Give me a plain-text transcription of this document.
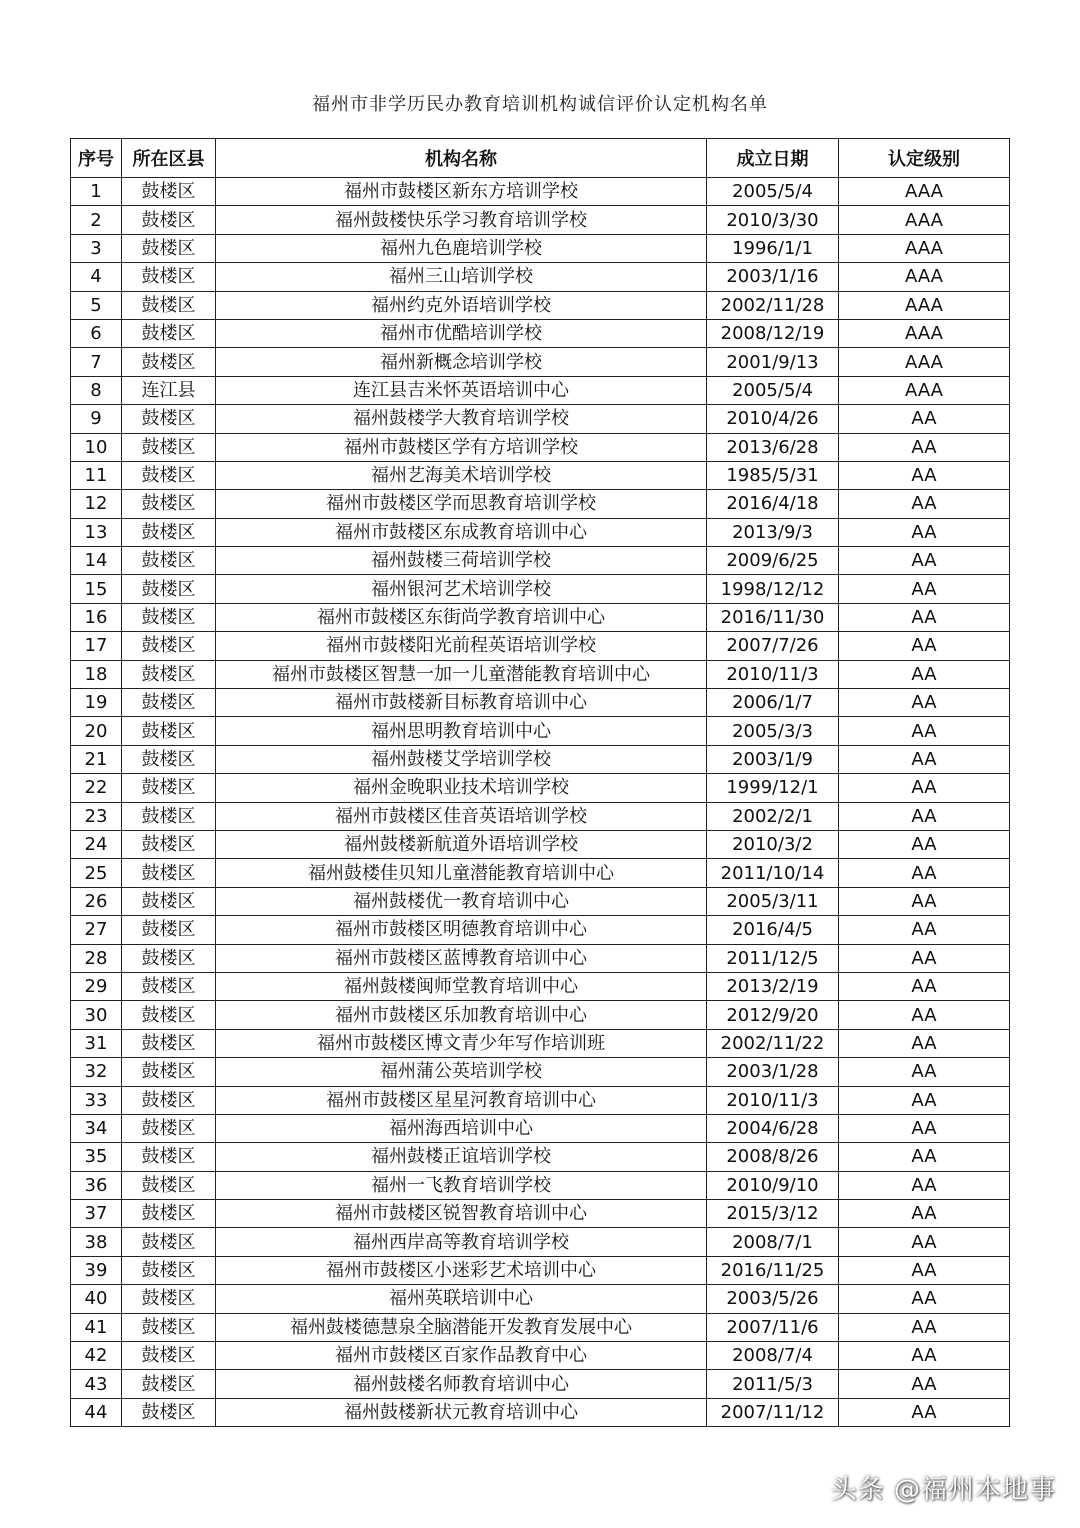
福州市非学历民办教育培训机构诚信评价认定机构名单
序号	所在区县	机构名称	成立日期	认定级别
1	鼓楼区	福州市鼓楼区新东方培训学校	2005/5/4	AAA
2	鼓楼区	福州鼓楼快乐学习教育培训学校	2010/3/30	AAA
3	鼓楼区	福州九色鹿培训学校	1996/1/1	AAA
4	鼓楼区	福州三山培训学校	2003/1/16	AAA
5	鼓楼区	福州约克外语培训学校	2002/11/28	AAA
6	鼓楼区	福州市优酷培训学校	2008/12/19	AAA
7	鼓楼区	福州新概念培训学校	2001/9/13	AAA
8	连江县	连江县吉米怀英语培训中心	2005/5/4	AAA
9	鼓楼区	福州鼓楼学大教育培训学校	2010/4/26	AA
10	鼓楼区	福州市鼓楼区学有方培训学校	2013/6/28	AA
11	鼓楼区	福州艺海美术培训学校	1985/5/31	AA
12	鼓楼区	福州市鼓楼区学而思教育培训学校	2016/4/18	AA
13	鼓楼区	福州市鼓楼区东成教育培训中心	2013/9/3	AA
14	鼓楼区	福州鼓楼三荷培训学校	2009/6/25	AA
15	鼓楼区	福州银河艺术培训学校	1998/12/12	AA
16	鼓楼区	福州市鼓楼区东街尚学教育培训中心	2016/11/30	AA
17	鼓楼区	福州市鼓楼阳光前程英语培训学校	2007/7/26	AA
18	鼓楼区	福州市鼓楼区智慧一加一儿童潜能教育培训中心	2010/11/3	AA
19	鼓楼区	福州市鼓楼新目标教育培训中心	2006/1/7	AA
20	鼓楼区	福州思明教育培训中心	2005/3/3	AA
21	鼓楼区	福州鼓楼艾学培训学校	2003/1/9	AA
22	鼓楼区	福州金晚职业技术培训学校	1999/12/1	AA
23	鼓楼区	福州市鼓楼区佳音英语培训学校	2002/2/1	AA
24	鼓楼区	福州鼓楼新航道外语培训学校	2010/3/2	AA
25	鼓楼区	福州鼓楼佳贝知儿童潜能教育培训中心	2011/10/14	AA
26	鼓楼区	福州鼓楼优一教育培训中心	2005/3/11	AA
27	鼓楼区	福州市鼓楼区明德教育培训中心	2016/4/5	AA
28	鼓楼区	福州市鼓楼区蓝博教育培训中心	2011/12/5	AA
29	鼓楼区	福州鼓楼闽师堂教育培训中心	2013/2/19	AA
30	鼓楼区	福州市鼓楼区乐加教育培训中心	2012/9/20	AA
31	鼓楼区	福州市鼓楼区博文青少年写作培训班	2002/11/22	AA
32	鼓楼区	福州蒲公英培训学校	2003/1/28	AA
33	鼓楼区	福州市鼓楼区星星河教育培训中心	2010/11/3	AA
34	鼓楼区	福州海西培训中心	2004/6/28	AA
35	鼓楼区	福州鼓楼正谊培训学校	2008/8/26	AA
36	鼓楼区	福州一飞教育培训学校	2010/9/10	AA
37	鼓楼区	福州市鼓楼区锐智教育培训中心	2015/3/12	AA
38	鼓楼区	福州西岸高等教育培训学校	2008/7/1	AA
39	鼓楼区	福州市鼓楼区小迷彩艺术培训中心	2016/11/25	AA
40	鼓楼区	福州英联培训中心	2003/5/26	AA
41	鼓楼区	福州鼓楼德慧泉全脑潜能开发教育发展中心	2007/11/6	AA
42	鼓楼区	福州市鼓楼区百家作品教育中心	2008/7/4	AA
43	鼓楼区	福州鼓楼名师教育培训中心	2011/5/3	AA
44	鼓楼区	福州鼓楼新状元教育培训中心	2007/11/12	AA
头条 @福州本地事
